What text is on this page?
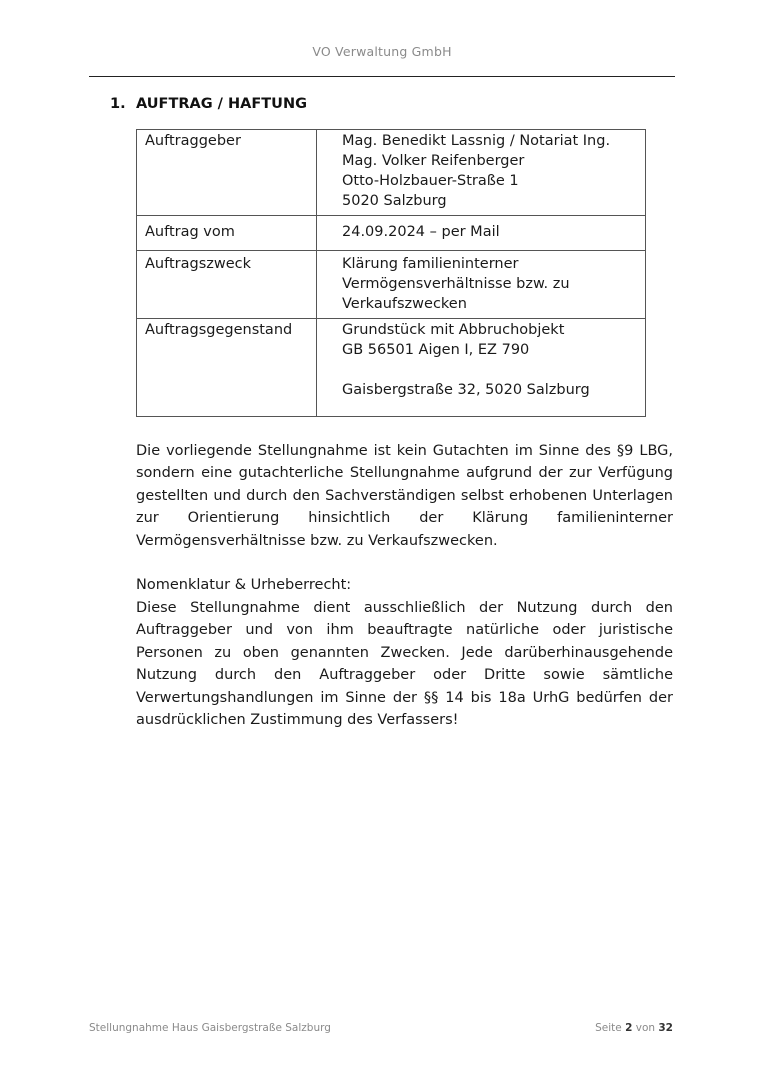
VO Verwaltung GmbH
1. AUFTRAG / HAFTUNG
Auftraggeber	Mag. Benedikt Lassnig / Notariat Ing.
Mag. Volker Reifenberger
Otto-Holzbauer-Straße 1
5020 Salzburg

Auftrag vom	24.09.2024 – per Mail

Auftragszweck	Klärung familieninterner
Vermögensverhältnisse bzw. zu
Verkaufszwecken

Auftragsgegenstand	Grundstück mit Abbruchobjekt
GB 56501 Aigen I, EZ 790
Gaisbergstraße 32, 5020 Salzburg

Die vorliegende Stellungnahme ist kein Gutachten im Sinne des §9 LBG, sondern eine gutachterliche Stellungnahme aufgrund der zur Verfügung gestellten und durch den Sachverständigen selbst erhobenen Unterlagen zur Orientierung hinsichtlich der Klärung familieninterner Vermögensverhältnisse bzw. zu Verkaufszwecken.

Nomenklatur & Urheberrecht:

Diese Stellungnahme dient ausschließlich der Nutzung durch den Auftraggeber und von ihm beauftragte natürliche oder juristische Personen zu oben genannten Zwecken. Jede darüberhinausgehende Nutzung durch den Auftraggeber oder Dritte sowie sämtliche Verwertungshandlungen im Sinne der §§ 14 bis 18a UrhG bedürfen der ausdrücklichen Zustimmung des Verfassers!

Stellungnahme Haus Gaisbergstraße Salzburg	Seite 2 von 32
